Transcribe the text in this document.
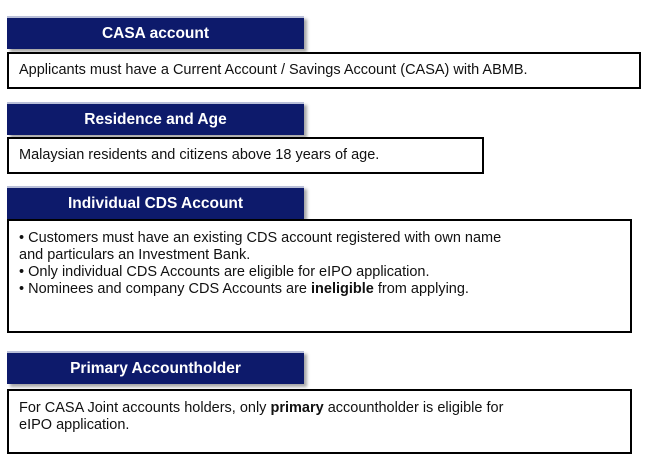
CASA account
Applicants must have a Current Account / Savings Account (CASA) with ABMB.
Residence and Age
Malaysian residents and citizens above 18 years of age.
Individual CDS Account
• Customers must have an existing CDS account registered with own name
and particulars an Investment Bank.
• Only individual CDS Accounts are eligible for eIPO application.
• Nominees and company CDS Accounts are ineligible from applying.
Primary Accountholder
For CASA Joint accounts holders, only primary accountholder is eligible for
eIPO application.
